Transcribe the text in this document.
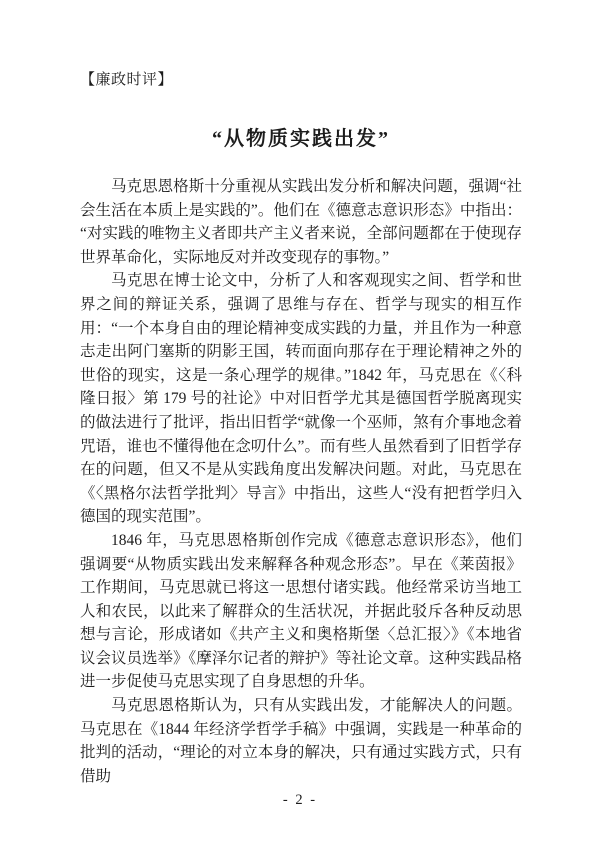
【廉政时评】
“从物质实践出发”

马克思恩格斯十分重视从实践出发分析和解决问题，强调“社会生活在本质上是实践的”。他们在《德意志意识形态》中指出：“对实践的唯物主义者即共产主义者来说，全部问题都在于使现存世界革命化，实际地反对并改变现存的事物。”

马克思在博士论文中，分析了人和客观现实之间、哲学和世界之间的辩证关系，强调了思维与存在、哲学与现实的相互作用：“一个本身自由的理论精神变成实践的力量，并且作为一种意志走出阿门塞斯的阴影王国，转而面向那存在于理论精神之外的世俗的现实，这是一条心理学的规律。”1842 年，马克思在《〈科隆日报〉第 179 号的社论》中对旧哲学尤其是德国哲学脱离现实的做法进行了批评，指出旧哲学“就像一个巫师，煞有介事地念着咒语，谁也不懂得他在念叨什么”。而有些人虽然看到了旧哲学存在的问题，但又不是从实践角度出发解决问题。对此，马克思在《〈黑格尔法哲学批判〉导言》中指出，这些人“没有把哲学归入德国的现实范围”。

1846 年，马克思恩格斯创作完成《德意志意识形态》，他们强调要“从物质实践出发来解释各种观念形态”。早在《莱茵报》工作期间，马克思就已将这一思想付诸实践。他经常采访当地工人和农民，以此来了解群众的生活状况，并据此驳斥各种反动思想与言论，形成诸如《共产主义和奥格斯堡〈总汇报〉》《本地省议会议员选举》《摩泽尔记者的辩护》等社论文章。这种实践品格进一步促使马克思实现了自身思想的升华。

马克思恩格斯认为，只有从实践出发，才能解决人的问题。马克思在《1844 年经济学哲学手稿》中强调，实践是一种革命的批判的活动，“理论的对立本身的解决，只有通过实践方式，只有借助

- 2 -
